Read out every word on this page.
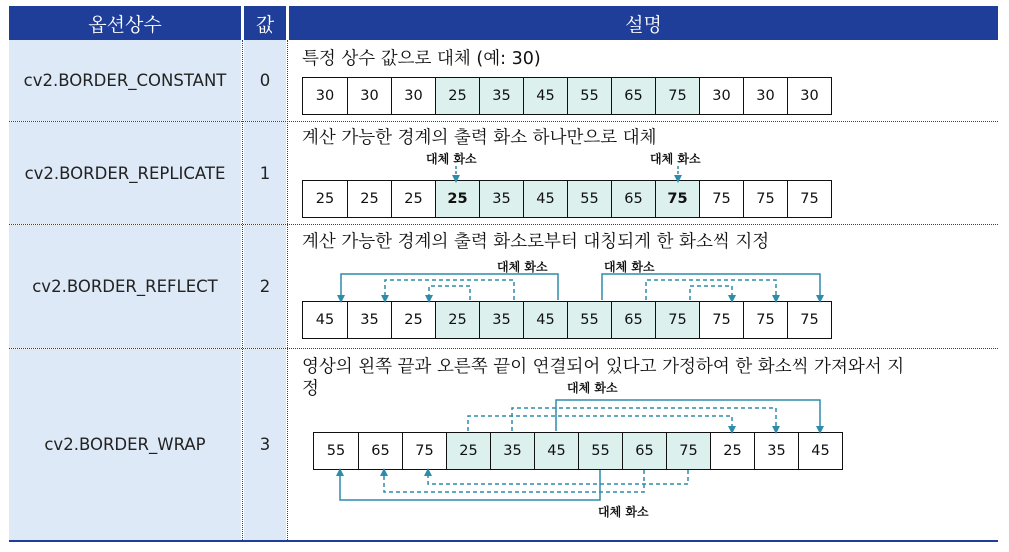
옵션상수	값	설명
cv2.BORDER_CONSTANT	0
특정 상수 값으로 대체 (예: 30)
30	30	30	25	35	45	55	65	75	30	30	30
cv2.BORDER_REPLICATE	1
계산 가능한 경계의 출력 화소 하나만으로 대체
대체 화소	대체 화소
25	25	25	25	35	45	55	65	75	75	75	75
cv2.BORDER_REFLECT	2
계산 가능한 경계의 출력 화소로부터 대칭되게 한 화소씩 지정
대체 화소	대체 화소
45	35	25	25	35	45	55	65	75	75	75	75
cv2.BORDER_WRAP	3
영상의 왼쪽 끝과 오른쪽 끝이 연결되어 있다고 가정하여 한 화소씩 가져와서 지
정	대체 화소
대체 화소
55	65	75	25	35	45	55	65	75	25	35	45
